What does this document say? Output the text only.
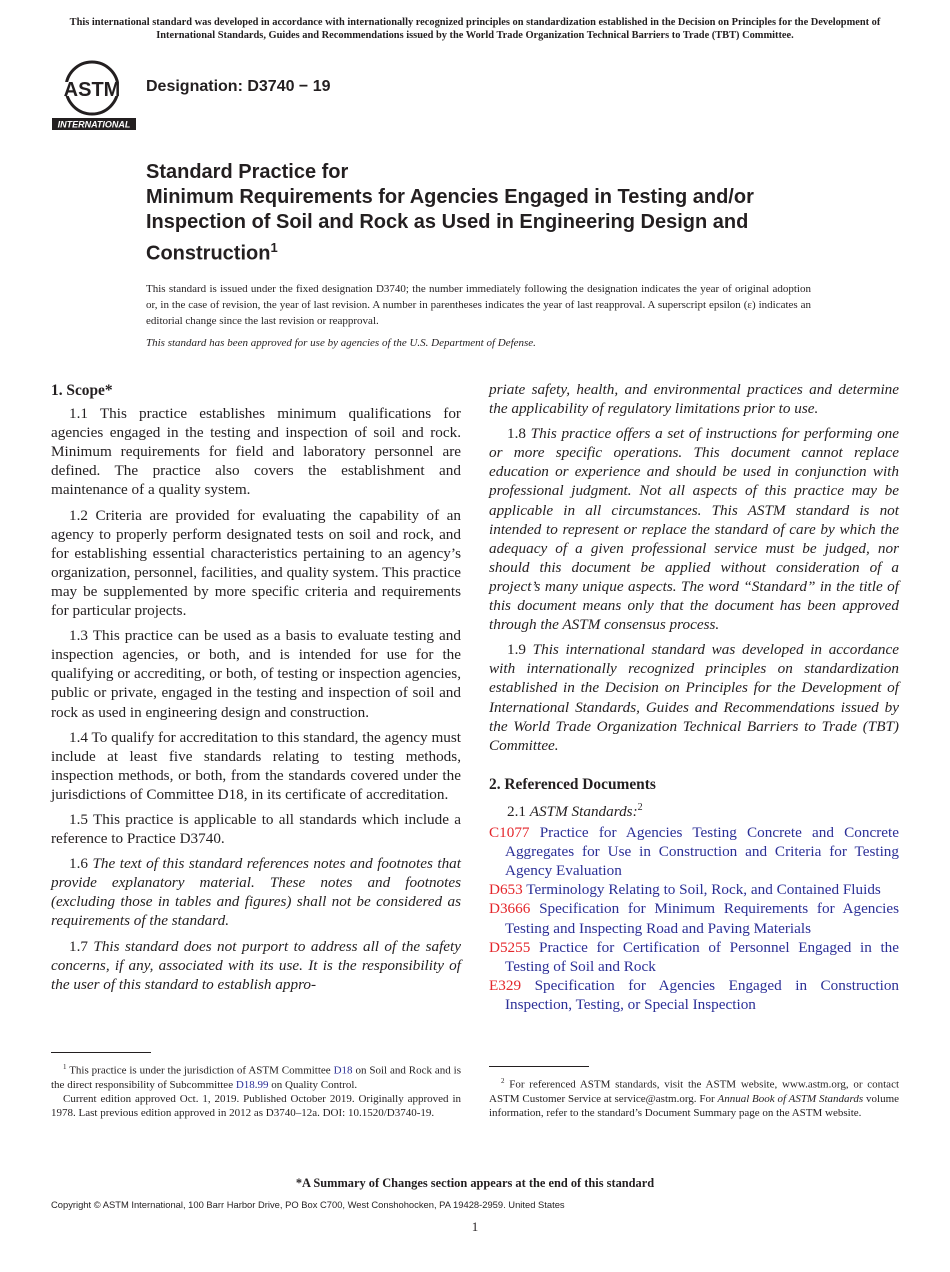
This international standard was developed in accordance with internationally recognized principles on standardization established in the Decision on Principles for the Development of International Standards, Guides and Recommendations issued by the World Trade Organization Technical Barriers to Trade (TBT) Committee.
ASTM
INTERNATIONAL
Designation: D3740 − 19
Standard Practice for
Minimum Requirements for Agencies Engaged in Testing and/or Inspection of Soil and Rock as Used in Engineering Design and Construction$^1$
This standard is issued under the fixed designation D3740; the number immediately following the designation indicates the year of original adoption or, in the case of revision, the year of last revision. A number in parentheses indicates the year of last reapproval. A superscript epsilon (ε) indicates an editorial change since the last revision or reapproval.
This standard has been approved for use by agencies of the U.S. Department of Defense.
1. Scope*

1.1 This practice establishes minimum qualifications for agencies engaged in the testing and inspection of soil and rock. Minimum requirements for field and laboratory personnel are defined. The practice also covers the establishment and maintenance of a quality system.

1.2 Criteria are provided for evaluating the capability of an agency to properly perform designated tests on soil and rock, and for establishing essential characteristics pertaining to an agency’s organization, personnel, facilities, and quality system. This practice may be supplemented by more specific criteria and requirements for particular projects.

1.3 This practice can be used as a basis to evaluate testing and inspection agencies, or both, and is intended for use for the qualifying or accrediting, or both, of testing or inspection agencies, public or private, engaged in the testing and inspection of soil and rock as used in engineering design and construction.

1.4 To qualify for accreditation to this standard, the agency must include at least five standards relating to testing methods, inspection methods, or both, from the standards covered under the jurisdictions of Committee D18, in its certificate of accreditation.

1.5 This practice is applicable to all standards which include a reference to Practice D3740.

1.6 The text of this standard references notes and footnotes that provide explanatory material. These notes and footnotes (excluding those in tables and figures) shall not be considered as requirements of the standard.

1.7 This standard does not purport to address all of the safety concerns, if any, associated with its use. It is the responsibility of the user of this standard to establish appro-

priate safety, health, and environmental practices and determine the applicability of regulatory limitations prior to use.

1.8 This practice offers a set of instructions for performing one or more specific operations. This document cannot replace education or experience and should be used in conjunction with professional judgment. Not all aspects of this practice may be applicable in all circumstances. This ASTM standard is not intended to represent or replace the standard of care by which the adequacy of a given professional service must be judged, nor should this document be applied without consideration of a project’s many unique aspects. The word “Standard” in the title of this document means only that the document has been approved through the ASTM consensus process.

1.9 This international standard was developed in accordance with internationally recognized principles on standardization established in the Decision on Principles for the Development of International Standards, Guides and Recommendations issued by the World Trade Organization Technical Barriers to Trade (TBT) Committee.

2. Referenced Documents

2.1 ASTM Standards:$^2$

C1077 Practice for Agencies Testing Concrete and Concrete Aggregates for Use in Construction and Criteria for Testing Agency Evaluation
D653 Terminology Relating to Soil, Rock, and Contained Fluids
D3666 Specification for Minimum Requirements for Agencies Testing and Inspecting Road and Paving Materials
D5255 Practice for Certification of Personnel Engaged in the Testing of Soil and Rock
E329 Specification for Agencies Engaged in Construction Inspection, Testing, or Special Inspection

$^1$ This practice is under the jurisdiction of ASTM Committee D18 on Soil and Rock and is the direct responsibility of Subcommittee D18.99 on Quality Control.

Current edition approved Oct. 1, 2019. Published October 2019. Originally approved in 1978. Last previous edition approved in 2012 as D3740–12a. DOI: 10.1520/D3740-19.

$^2$ For referenced ASTM standards, visit the ASTM website, www.astm.org, or contact ASTM Customer Service at service@astm.org. For Annual Book of ASTM Standards volume information, refer to the standard’s Document Summary page on the ASTM website.

*A Summary of Changes section appears at the end of this standard
Copyright © ASTM International, 100 Barr Harbor Drive, PO Box C700, West Conshohocken, PA 19428-2959. United States
1
